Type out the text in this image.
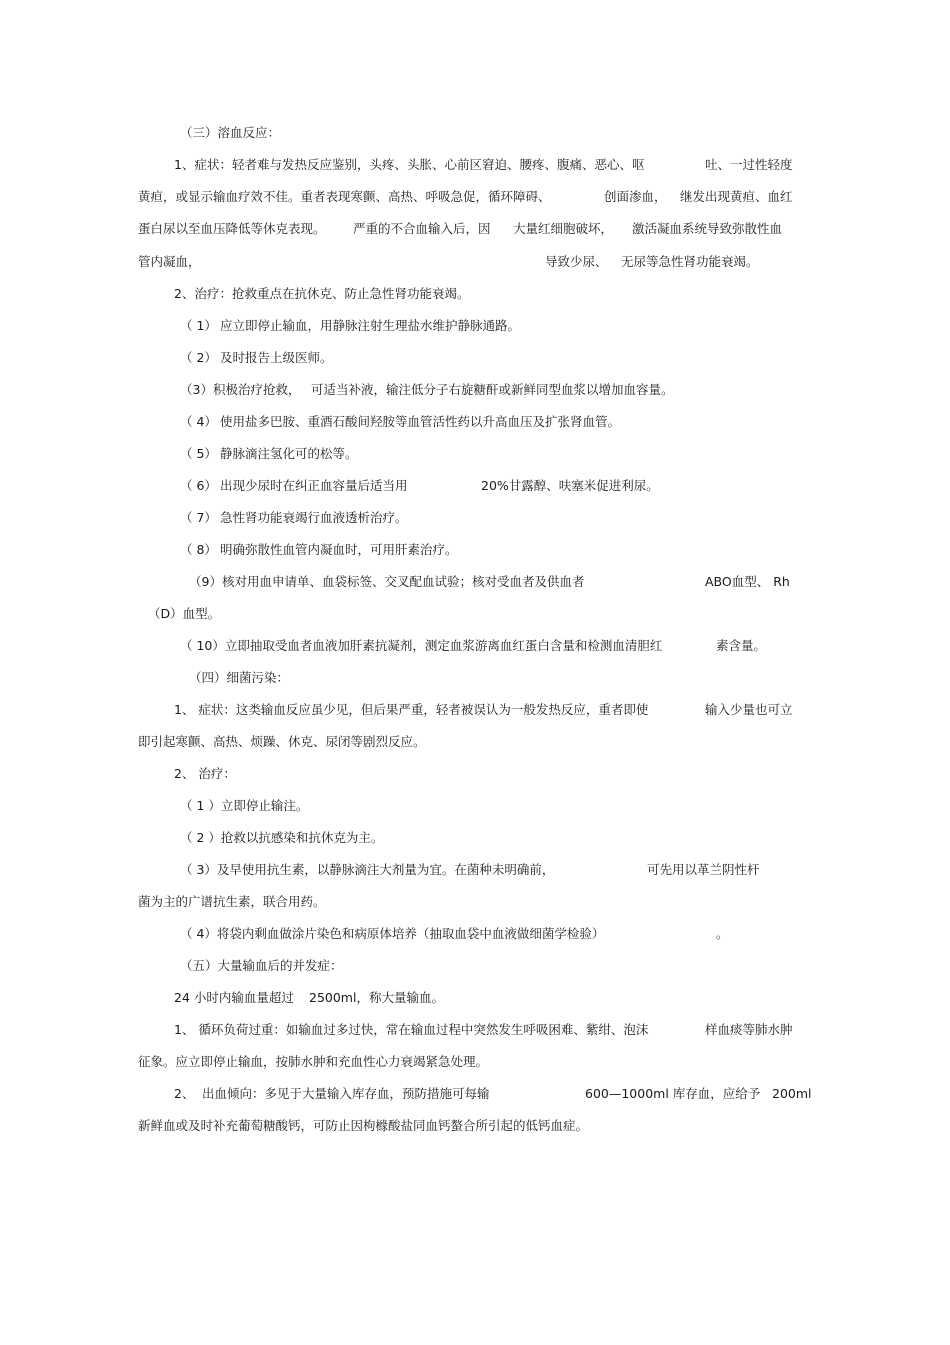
（三）溶血反应：
1、症状：轻者难与发热反应鉴别，头疼、头胀、心前区窘迫、腰疼、腹痛、恶心、呕	吐、一过性轻度
黄疸，或显示输血疗效不佳。重者表现寒颤、高热、呼吸急促，循环障碍、	创面渗血， 继发出现黄疸、血红
蛋白尿以至血压降低等休克表现。 严重的不合血输入后，因 大量红细胞破坏， 激活凝血系统导致弥散性血
管内凝血，	导致少尿、 无尿等急性肾功能衰竭。
2、治疗：抢救重点在抗休克、防止急性肾功能衰竭。
（ 1） 应立即停止输血，用静脉注射生理盐水维护静脉通路。
（ 2） 及时报告上级医师。
（3）积极治疗抢救， 可适当补液，输注低分子右旋糖酐或新鲜同型血浆以增加血容量。
（ 4） 使用盐多巴胺、重酒石酸间羟胺等血管活性药以升高血压及扩张肾血管。
（ 5） 静脉滴注氢化可的松等。
（ 6） 出现少尿时在纠正血容量后适当用	20%甘露醇、呋塞米促进利尿。
（ 7） 急性肾功能衰竭行血液透析治疗。
（ 8） 明确弥散性血管内凝血时，可用肝素治疗。
（9）核对用血申请单、血袋标签、交叉配血试验；核对受血者及供血者	ABO血型、 Rh
（D）血型。
（ 10）立即抽取受血者血液加肝素抗凝剂，测定血浆游离血红蛋白含量和检测血清胆红	素含量。
（四）细菌污染：
1、 症状：这类输血反应虽少见，但后果严重，轻者被误认为一般发热反应，重者即使	输入少量也可立
即引起寒颤、高热、烦躁、休克、尿闭等剧烈反应。
2、 治疗：
（ 1 ）立即停止输注。
（ 2 ）抢救以抗感染和抗休克为主。
（ 3）及早使用抗生素，以静脉滴注大剂量为宜。在菌种未明确前，	可先用以革兰阴性杆
菌为主的广谱抗生素，联合用药。
（ 4）将袋内剩血做涂片染色和病原体培养（抽取血袋中血液做细菌学检验）	。
（五）大量输血后的并发症：
24 小时内输血量超过 2500ml，称大量输血。
1、 循环负荷过重：如输血过多过快，常在输血过程中突然发生呼吸困难、紫绀、泡沫	样血痰等肺水肿
征象。应立即停止输血，按肺水肿和充血性心力衰竭紧急处理。
2、 出血倾向：多见于大量输入库存血，预防措施可每输	600—1000ml 库存血，应给予 200ml
新鲜血或及时补充葡萄糖酸钙，可防止因枸橼酸盐同血钙螯合所引起的低钙血症。
